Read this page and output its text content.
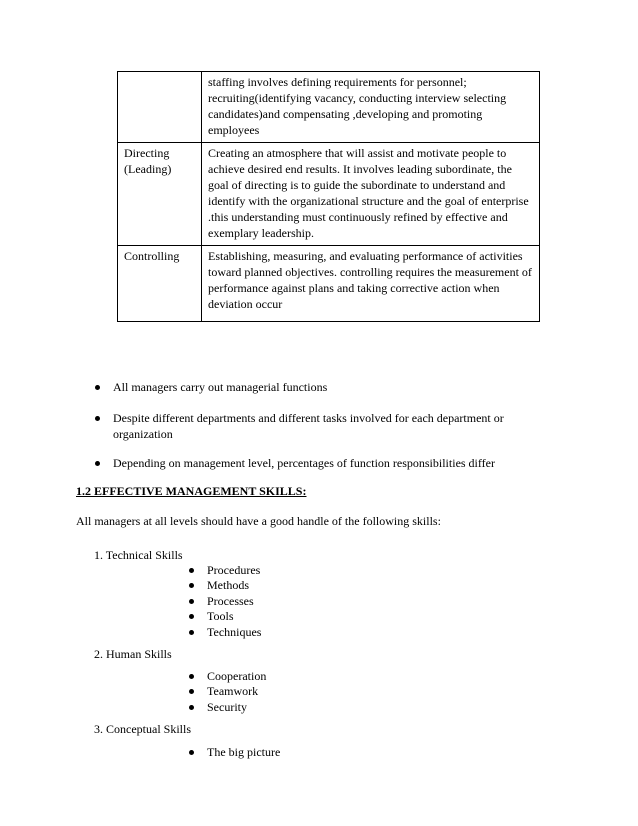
	staffing involves defining requirements for personnel; recruiting(identifying vacancy, conducting interview selecting candidates)and compensating ,developing and promoting employees
Directing (Leading)	Creating an atmosphere that will assist and motivate people to achieve desired end results. It involves leading subordinate, the goal of directing is to guide the subordinate to understand and identify with the organizational structure and the goal of enterprise .this understanding must continuously refined by effective and exemplary leadership.
Controlling	Establishing, measuring, and evaluating performance of activities toward planned objectives. controlling requires the measurement of performance against plans and taking corrective action when deviation occur
All managers carry out managerial functions
Despite different departments and different tasks involved for each department or
organization
Depending on management level, percentages of function responsibilities differ
1.2 EFFECTIVE MANAGEMENT SKILLS:
All managers at all levels should have a good handle of the following skills:
1. Technical Skills
Procedures
Methods
Processes
Tools
Techniques
2. Human Skills
Cooperation
Teamwork
Security
3. Conceptual Skills
The big picture
